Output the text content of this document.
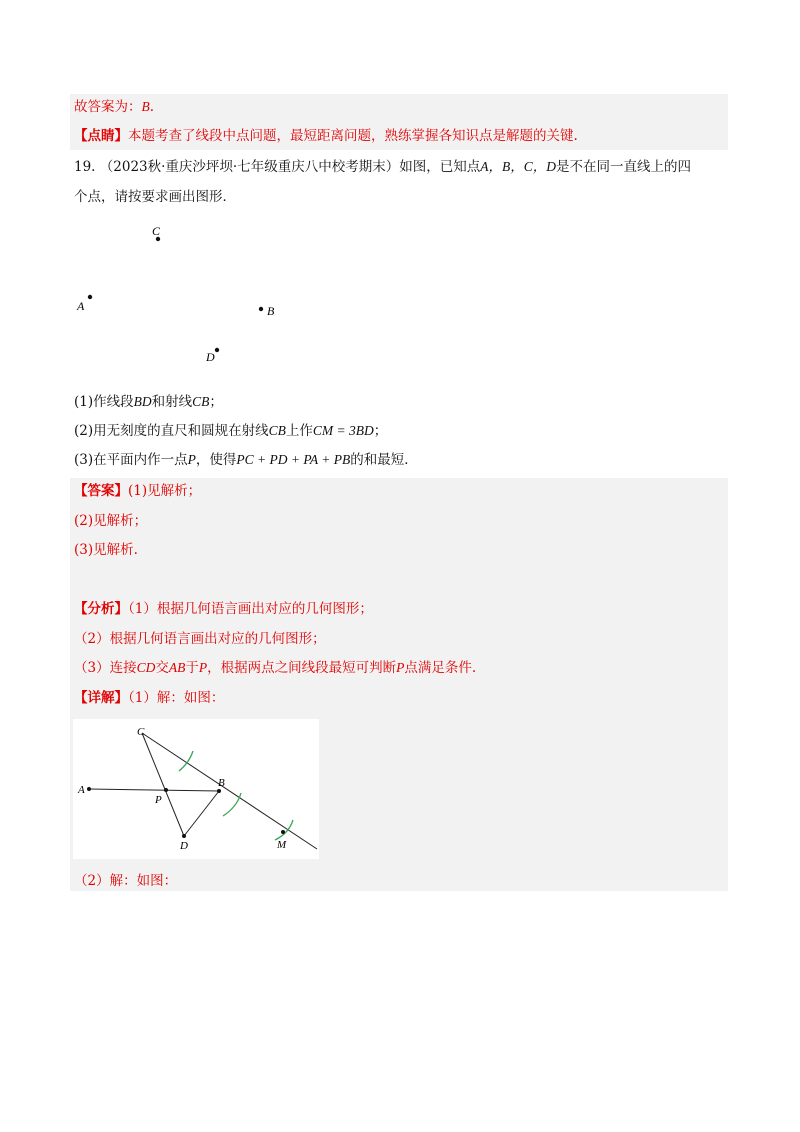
故答案为：B.
【点睛】本题考查了线段中点问题，最短距离问题，熟练掌握各知识点是解题的关键.
19. （2023秋·重庆沙坪坝·七年级重庆八中校考期末）如图，已知点A，B，C，D是不在同一直线上的四
个点，请按要求画出图形．
C
A	B
D
(1)作线段BD和射线CB；
(2)用无刻度的直尺和圆规在射线CB上作CM = 3BD；
(3)在平面内作一点P，使得PC + PD + PA + PB的和最短．
【答案】(1)见解析；
(2)见解析；
(3)见解析.
【分析】（1）根据几何语言画出对应的几何图形；
（2）根据几何语言画出对应的几何图形；
（3）连接CD交AB于P，根据两点之间线段最短可判断P点满足条件.
【详解】（1）解：如图：
C
A
B
P
D	M
（2）解：如图：
